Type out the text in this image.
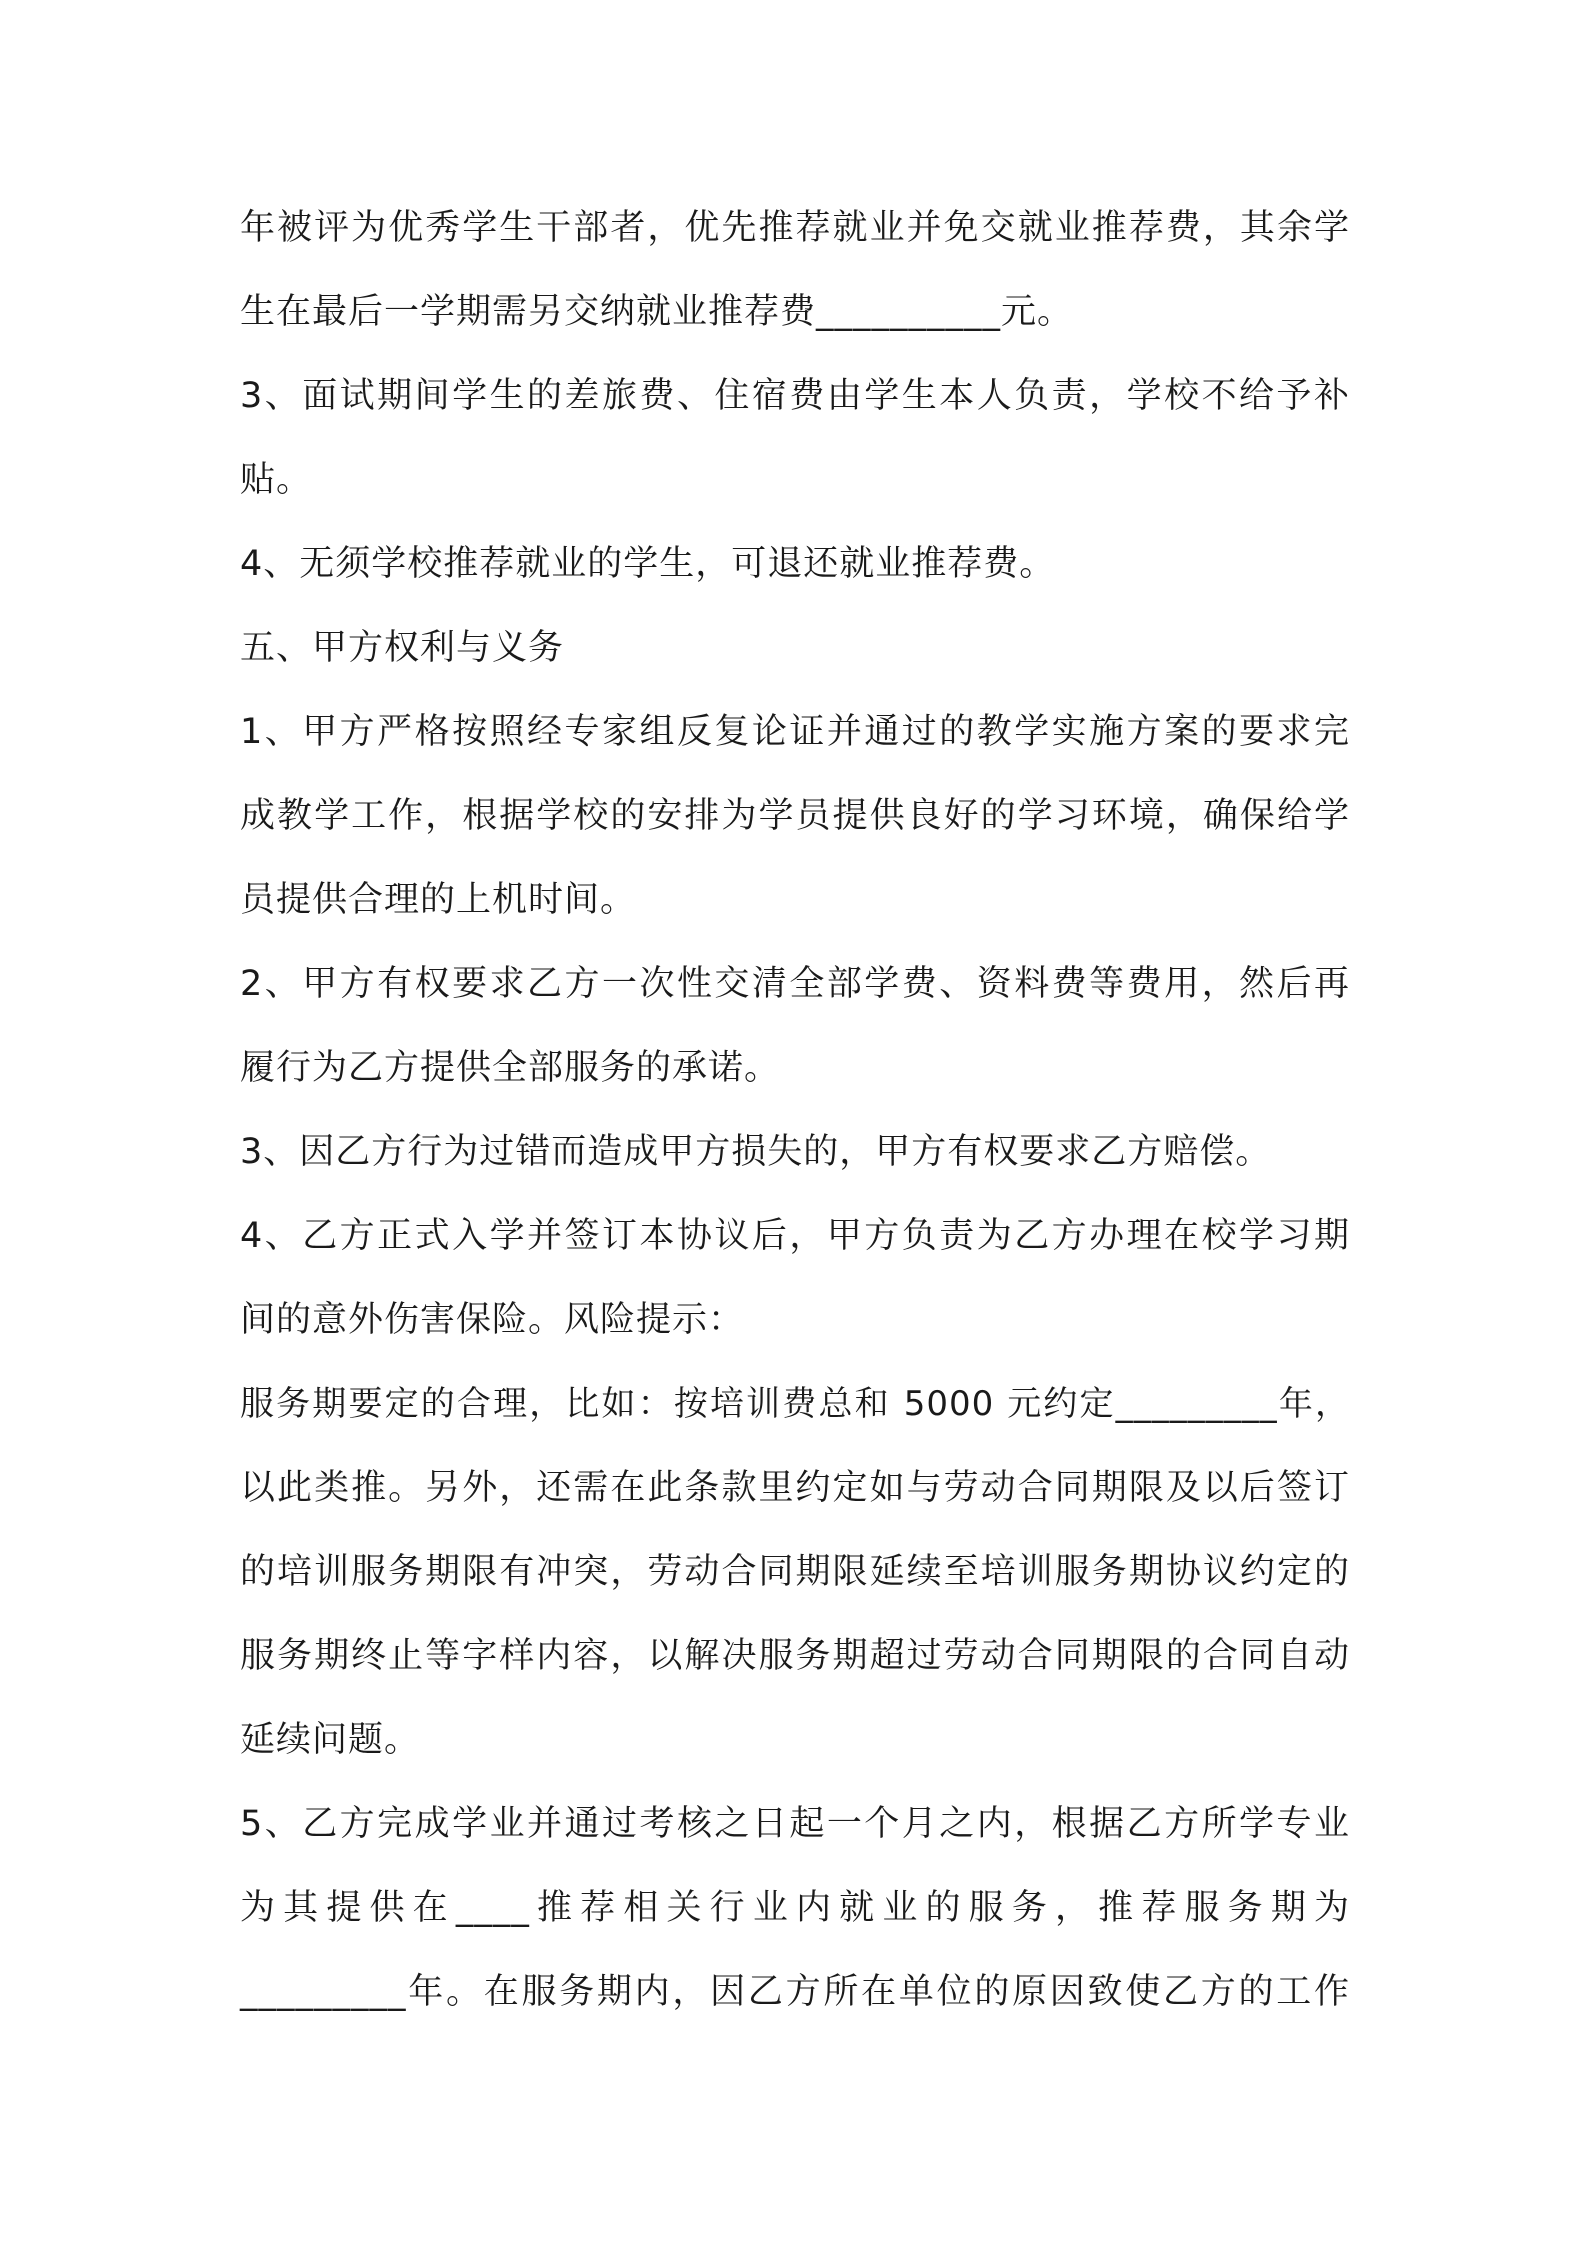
年被评为优秀学生干部者，优先推荐就业并免交就业推荐费，其余学
生在最后一学期需另交纳就业推荐费__________元。
3、面试期间学生的差旅费、住宿费由学生本人负责，学校不给予补
贴。
4、无须学校推荐就业的学生，可退还就业推荐费。
五、甲方权利与义务
1、甲方严格按照经专家组反复论证并通过的教学实施方案的要求完
成教学工作，根据学校的安排为学员提供良好的学习环境，确保给学
员提供合理的上机时间。
2、甲方有权要求乙方一次性交清全部学费、资料费等费用，然后再
履行为乙方提供全部服务的承诺。
3、因乙方行为过错而造成甲方损失的，甲方有权要求乙方赔偿。
4、乙方正式入学并签订本协议后，甲方负责为乙方办理在校学习期
间的意外伤害保险。风险提示：
服务期要定的合理，比如：按培训费总和 5000 元约定_________年，
以此类推。另外，还需在此条款里约定如与劳动合同期限及以后签订
的培训服务期限有冲突，劳动合同期限延续至培训服务期协议约定的
服务期终止等字样内容，以解决服务期超过劳动合同期限的合同自动
延续问题。
5、乙方完成学业并通过考核之日起一个月之内，根据乙方所学专业
为其提供在____推荐相关行业内就业的服务，推荐服务期为
_________年。在服务期内，因乙方所在单位的原因致使乙方的工作
